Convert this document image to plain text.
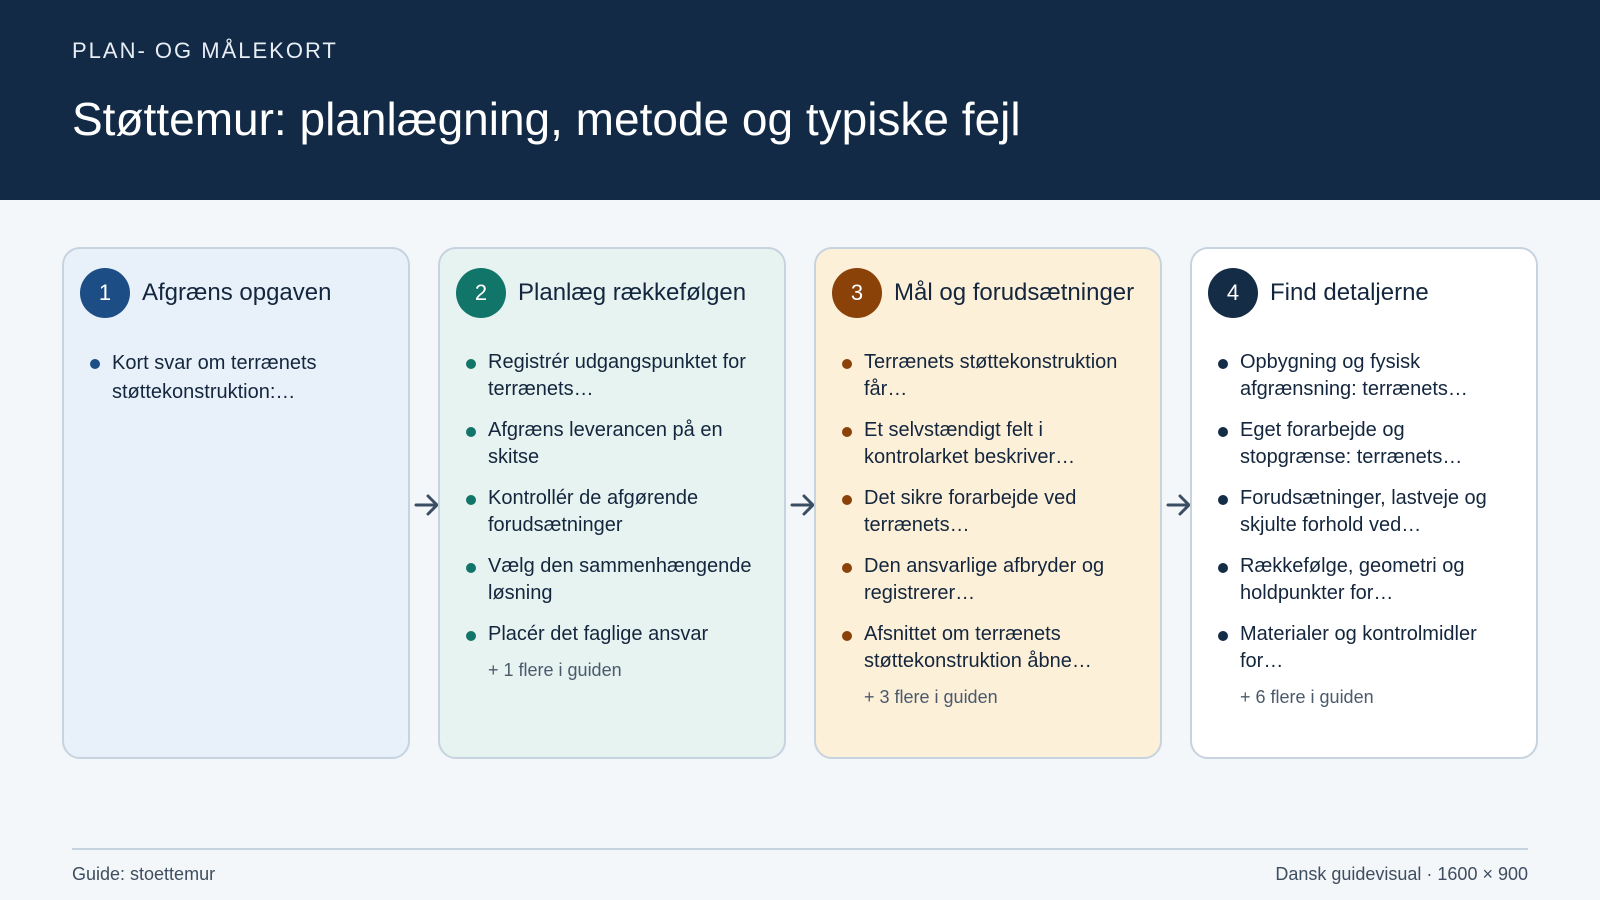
PLAN- OG MÅLEKORT
Støttemur: planlægning, metode og typiske fejl
1	Afgræns opgaven
Kort svar om terrænets støttekonstruktion:…
2	Planlæg rækkefølgen
Registrér udgangspunktet for terrænets…
Afgræns leverancen på en skitse
Kontrollér de afgørende forudsætninger
Vælg den sammenhængende løsning
Placér det faglige ansvar
+ 1 flere i guiden
3	Mål og forudsætninger
Terrænets støttekonstruktion får…
Et selvstændigt felt i kontrolarket beskriver…
Det sikre forarbejde ved terrænets…
Den ansvarlige afbryder og registrerer…
Afsnittet om terrænets støttekonstruktion åbne…
+ 3 flere i guiden
4	Find detaljerne
Opbygning og fysisk afgrænsning: terrænets…
Eget forarbejde og stopgrænse: terrænets…
Forudsætninger, lastveje og skjulte forhold ved…
Rækkefølge, geometri og holdpunkter for…
Materialer og kontrolmidler for…
+ 6 flere i guiden
Guide: stoettemur	Dansk guidevisual · 1600 × 900
